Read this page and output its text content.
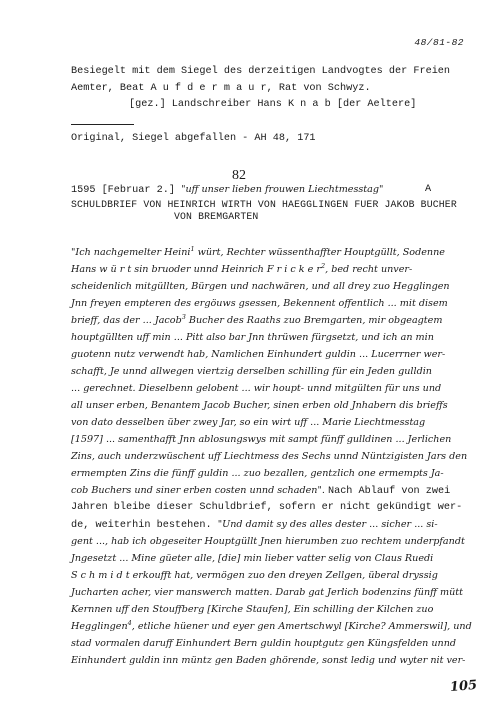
48/81-82
Besiegelt mit dem Siegel des derzeitigen Landvogtes der Freien
Aemter, Beat A u f d e r m a u r, Rat von Schwyz.
[gez.] Landschreiber Hans K n a b [der Aeltere]
Original, Siegel abgefallen - AH 48, 171
82
1595 [Februar 2.] "uff unser lieben frouwen Liechtmesstag"	A
SCHULDBRIEF VON HEINRICH WIRTH VON HAEGGLINGEN FUER JAKOB BUCHER
VON BREMGARTEN
"Ich nachgemelter Heini$^1$ würt, Rechter wüssenthaffter Houptgüllt, Sodenne
Hans w ü r t sin bruoder unnd Heinrich F r i c k e $r^2$, bed recht unver-
scheidenlich mitgüllten, Bürgen und nachwären, und all drey zuo Hegglingen
Jnn freyen empteren des ergöuws gsessen, Bekennent offentlich ... mit disem
brieff, das der ... Jacob$^3$ Bucher des Raaths zuo Bremgarten, mir obgeagtem
houptgüllten uff min ... Pitt also bar Jnn thrüwen fürgsetzt, und ich an min
guotenn nutz verwendt hab, Namlichen Einhundert guldin ... Lucerrner wer-
schafft, Je unnd allwegen viertzig derselben schilling für ein Jeden gulldin
... gerechnet. Dieselbenn gelobent ... wir houpt- unnd mitgülten für uns und
all unser erben, Benantem Jacob Bucher, sinen erben old Jnhabern dis brieffs
von dato desselben über zwey Jar, so ein wirt uff ... Marie Liechtmesstag
[1597] ... samenthafft Jnn ablosungswys mit sampt fünff gulldinen ... Jerlichen
Zins, auch underzwüschent uff Liechtmess des Sechs unnd Nüntzigisten Jars den
ermempten Zins die fünff guldin ... zuo bezallen, gentzlich one ermempts Ja-
cob Buchers und siner erben costen unnd schaden". Nach Ablauf von zwei
Jahren bleibe dieser Schuldbrief, sofern er nicht gekündigt wer-
de, weiterhin bestehen. "Und damit sy des alles dester ... sicher ... si-
gent ..., hab ich obgeseiter Houptgüllt Jnen hierumben zuo rechtem underpfandt
Jngesetzt ... Mine güeter alle, [die] min lieber vatter selig von Claus Ruedi
S c h m i d t erkoufft hat, vermögen zuo den dreyen Zellgen, überal dryssig
Jucharten acher, vier manswerch matten. Darab gat Jerlich bodenzins fünff mütt
Kernnen uff den Stouffberg [Kirche Staufen], Ein schilling der Kilchen zuo
Hegglingen$^4$, etliche hüener und eyer gen Amertschwyl [Kirche? Ammerswil], und
stad vormalen daruff Einhundert Bern guldin houptgutz gen Küngsfelden unnd
Einhundert guldin inn müntz gen Baden ghörende, sonst ledig und wyter nit ver-
105
